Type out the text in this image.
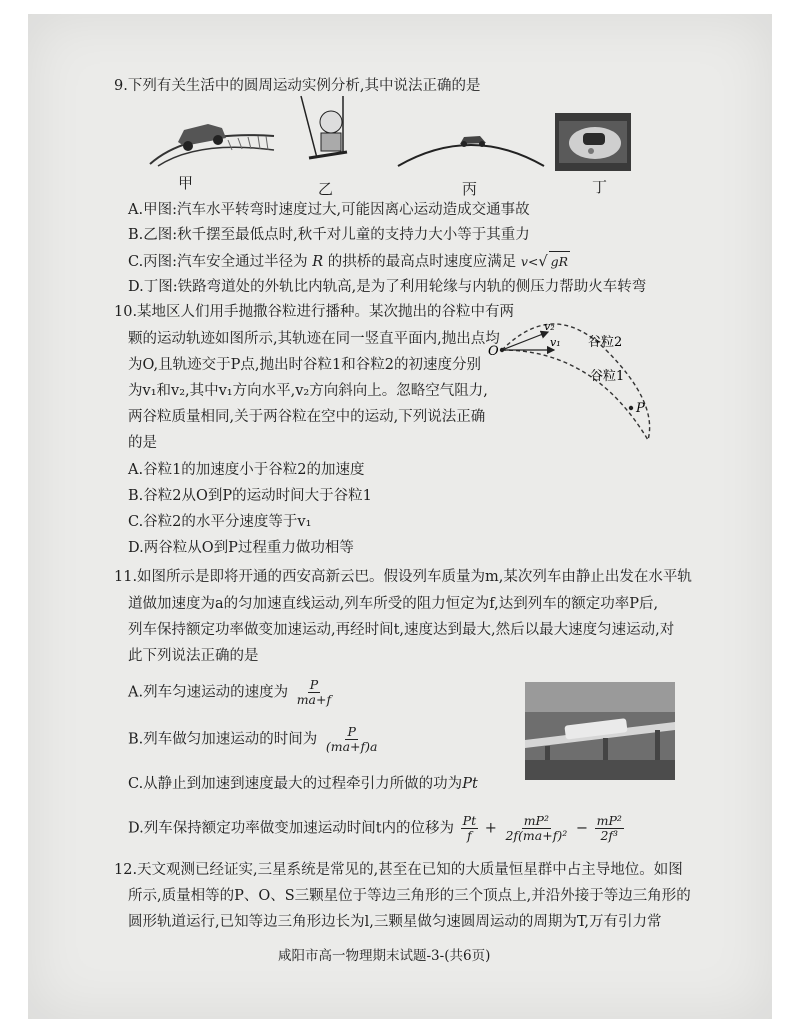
9.下列有关生活中的圆周运动实例分析,其中说法正确的是
甲	乙	丙	丁
A.甲图:汽车水平转弯时速度过大,可能因离心运动造成交通事故
B.乙图:秋千摆至最低点时,秋千对儿童的支持力大小等于其重力
C.丙图:汽车安全通过半径为 R 的拱桥的最高点时速度应满足 v<√ gR
D.丁图:铁路弯道处的外轨比内轨高,是为了利用轮缘与内轨的侧压力帮助火车转弯
10.某地区人们用手抛撒谷粒进行播种。某次抛出的谷粒中有两
颗的运动轨迹如图所示,其轨迹在同一竖直平面内,抛出点均
为O,且轨迹交于P点,抛出时谷粒1和谷粒2的初速度分别
为v₁和v₂,其中v₁方向水平,v₂方向斜向上。忽略空气阻力,
两谷粒质量相同,关于两谷粒在空中的运动,下列说法正确
的是
O
P
v₂
v₁ 谷粒2
谷粒1
A.谷粒1的加速度小于谷粒2的加速度
B.谷粒2从O到P的运动时间大于谷粒1
C.谷粒2的水平分速度等于v₁
D.两谷粒从O到P过程重力做功相等
11.如图所示是即将开通的西安高新云巴。假设列车质量为m,某次列车由静止出发在水平轨
道做加速度为a的匀加速直线运动,列车所受的阻力恒定为f,达到列车的额定功率P后,
列车保持额定功率做变加速运动,再经时间t,速度达到最大,然后以最大速度匀速运动,对
此下列说法正确的是
A.列车匀速运动的速度为 $\frac{P}{ma+f}$
B.列车做匀加速运动的时间为 $\frac{P}{(ma+f)a}$
C.从静止到加速到速度最大的过程牵引力所做的功为Pt
D.列车保持额定功率做变加速运动时间t内的位移为 $\frac{Pt}{f} + \frac{\text{mP²}}{\text{2f(ma+f)²}} - \frac{\text{mP²}}{\text{2f³}}$
12.天文观测已经证实,三星系统是常见的,甚至在已知的大质量恒星群中占主导地位。如图
所示,质量相等的P、O、S三颗星位于等边三角形的三个顶点上,并沿外接于等边三角形的
圆形轨道运行,已知等边三角形边长为l,三颗星做匀速圆周运动的周期为T,万有引力常
咸阳市高一物理期末试题-3-(共6页)
